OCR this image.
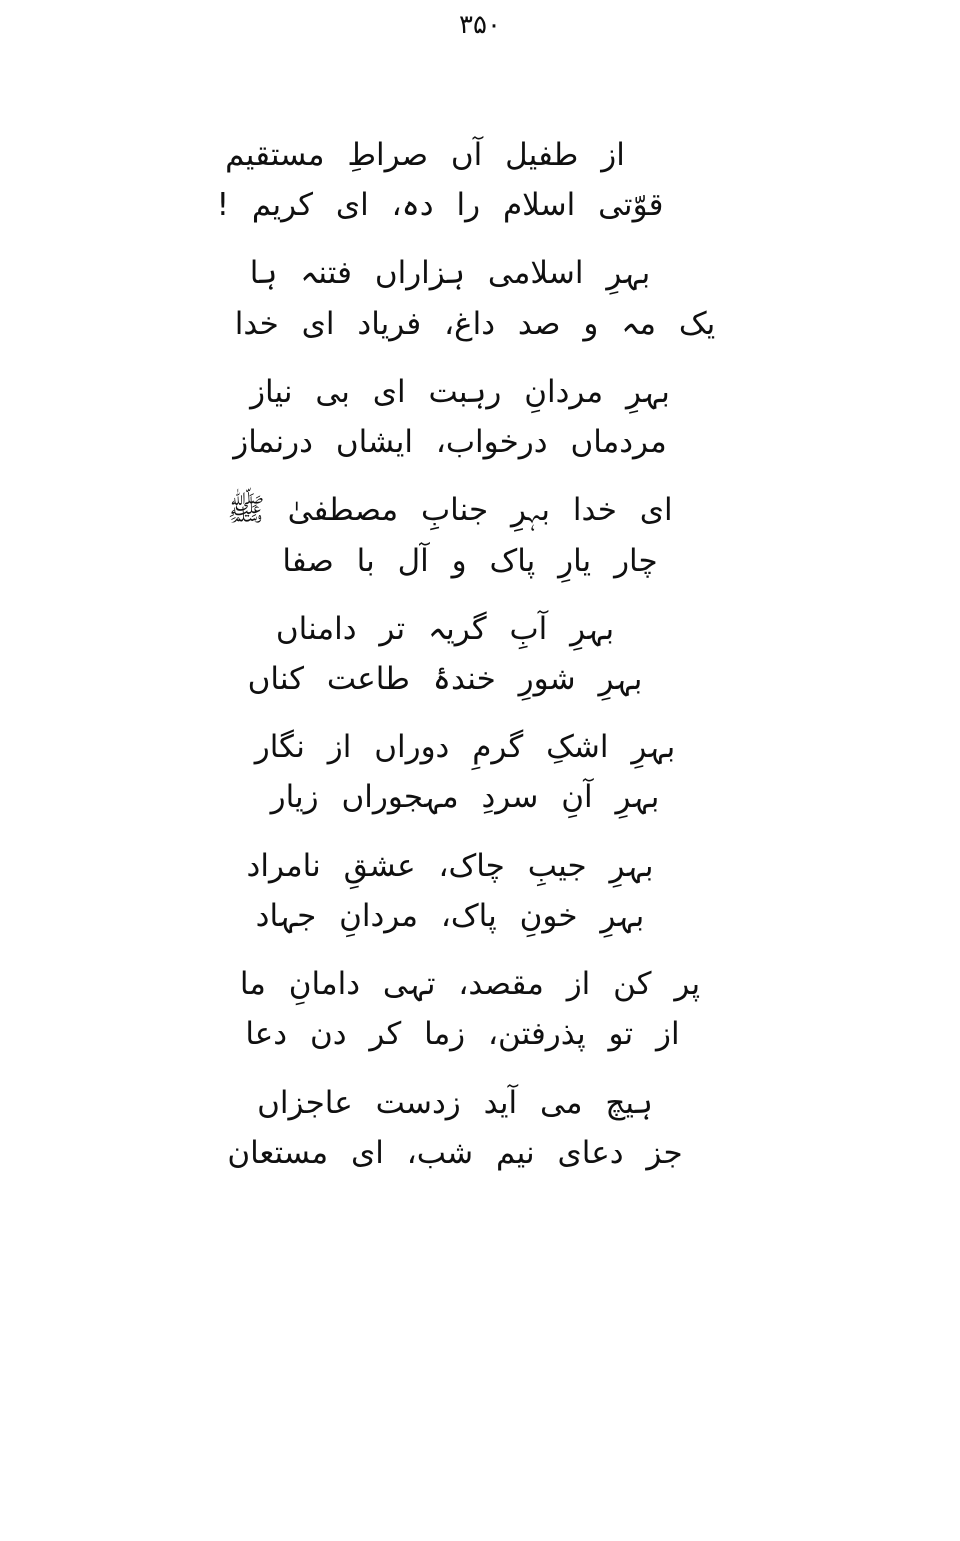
۳۵۰
از طفیل آں صراطِ مستقیم
قوّتی اسلام را دہ، ای کریم !
بہرِ اسلامی ہزاراں فتنہ ہا
یک مہ و صد داغ، فریاد ای خدا
بہرِ مردانِ رہبت ای بی نیاز
مردماں درخواب، ایشاں درنماز
ای خدا بہرِ جنابِ مصطفیٰ ﷺ
چار یارِ پاک و آل با صفا
بہرِ آبِ گریہ تر دامناں
بہرِ شورِ خندۂ طاعت کناں
بہرِ اشکِ گرمِ دوراں از نگار
بہرِ آنِ سردِ مہجوراں زیار
بہرِ جیبِ چاک، عشقِ نامراد
بہرِ خونِ پاک، مردانِ جہاد
پر کن از مقصد، تہی دامانِ ما
از تو پذرفتن، زما کر دن دعا
ہیچ می آید زدست عاجزاں
جز دعای نیم شب، ای مستعان
